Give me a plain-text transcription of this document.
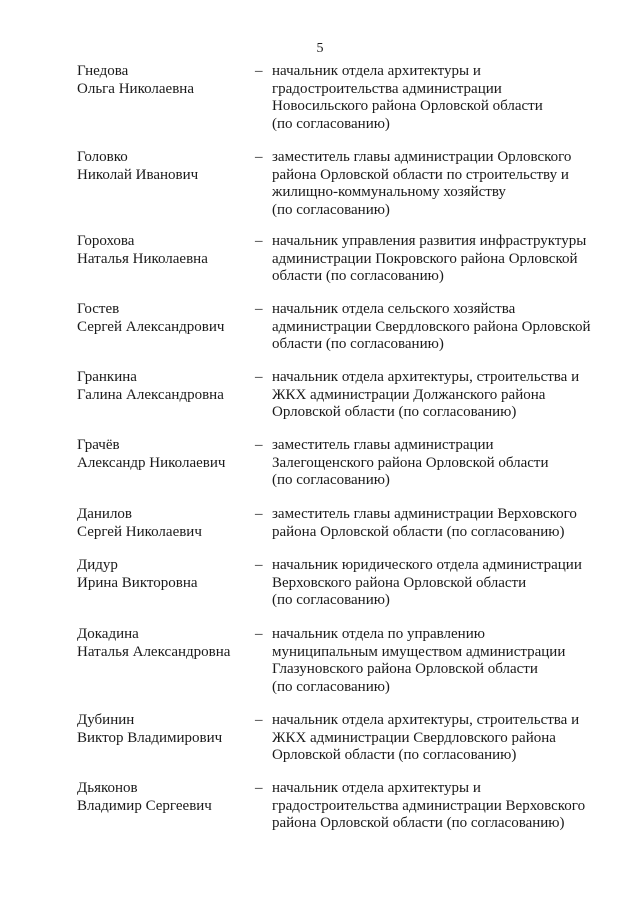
5
Гнедова
Ольга Николаевна
– начальник отдела архитектуры и
градостроительства администрации
Новосильского района Орловской области
(по согласованию)
Головко
Николай Иванович
– заместитель главы администрации Орловского
района Орловской области по строительству и
жилищно-коммунальному хозяйству
(по согласованию)
Горохова
Наталья Николаевна
– начальник управления развития инфраструктуры
администрации Покровского района Орловской
области (по согласованию)
Гостев
Сергей Александрович
– начальник отдела сельского хозяйства
администрации Свердловского района Орловской
области (по согласованию)
Гранкина
Галина Александровна
– начальник отдела архитектуры, строительства и
ЖКХ администрации Должанского района
Орловской области (по согласованию)
Грачёв
Александр Николаевич
– заместитель главы администрации
Залегощенского района Орловской области
(по согласованию)
Данилов
Сергей Николаевич
– заместитель главы администрации Верховского
района Орловской области (по согласованию)
Дидур
Ирина Викторовна
– начальник юридического отдела администрации
Верховского района Орловской области
(по согласованию)
Докадина
Наталья Александровна
– начальник отдела по управлению
муниципальным имуществом администрации
Глазуновского района Орловской области
(по согласованию)
Дубинин
Виктор Владимирович
– начальник отдела архитектуры, строительства и
ЖКХ администрации Свердловского района
Орловской области (по согласованию)
Дьяконов
Владимир Сергеевич
– начальник отдела архитектуры и
градостроительства администрации Верховского
района Орловской области (по согласованию)
